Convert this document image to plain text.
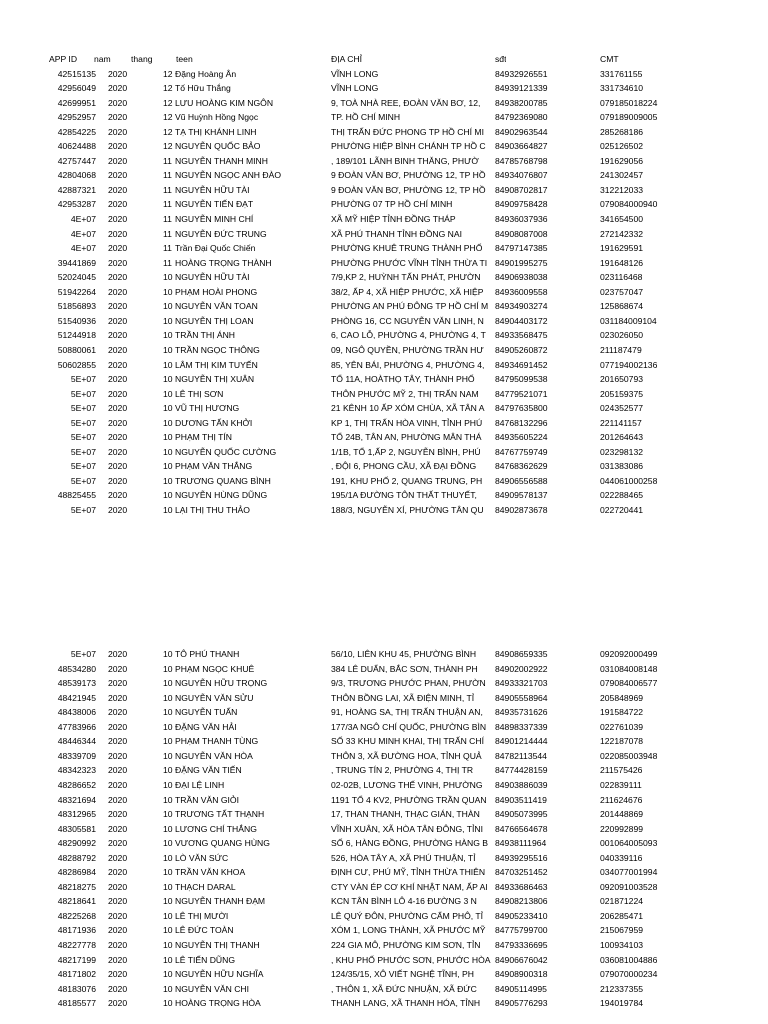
APP ID nam thang	teen	ĐỊA CHỈ	sđt	CMT
42515135 2020	12 Đặng Hoàng Ân	VĨNH LONG	84932926551	331761155
42956049 2020	12 Tố Hữu Thắng	VĨNH LONG	84939121339	331734610
42699951 2020	12 LƯU HOÀNG KIM NGÔN	9, TOÀ NHÀ REE, ĐOÀN VĂN BƠ, 12,	84938200785	079185018224
42952957 2020	12 Vũ Huỳnh Hồng Ngọc	TP. HỒ CHÍ MINH	84792369080	079189009005
42854225 2020	12 TẠ THỊ KHÁNH LINH	THỊ TRẤN ĐỨC PHONG TP HỒ CHÍ MI	84902963544	285268186
40624488 2020	12 NGUYỄN QUỐC BẢO	PHƯỜNG HIỆP BÌNH CHÁNH TP HỒ C	84903664827	025126502
42757447 2020	11 NGUYỄN THANH MINH	, 189/101 LÃNH BINH THĂNG, PHƯỜ	84785768798	191629056
42804068 2020	11 NGUYỄN NGỌC ANH ĐÀO	9 ĐOÀN VĂN BƠ, PHƯỜNG 12, TP HỒ	84934076807	241302457
42887321 2020	11 NGUYỄN HỮU TÀI	9 ĐOÀN VĂN BƠ, PHƯỜNG 12, TP HỒ	84908702817	312212033
42953287 2020	11 NGUYỄN TIẾN ĐẠT	PHƯỜNG 07 TP HỒ CHÍ MINH	84909758428	079084000940
4E+07 2020	11 NGUYỄN MINH CHÍ	XÃ MỸ HIỆP TỈNH ĐỒNG THÁP	84936037936	341654500
4E+07 2020	11 NGUYỄN ĐỨC TRUNG	XÃ PHÚ THANH TỈNH ĐỒNG NAI	84908087008	272142332
4E+07 2020	11 Trần Đại Quốc Chiến	PHƯỜNG KHUÊ TRUNG THÀNH PHỐ	84797147385	191629591
39441869 2020	11 HOÀNG TRỌNG THÀNH	PHƯỜNG PHƯỚC VĨNH TỈNH THỪA TI 84901995275	191648126
52024045 2020	10 NGUYỄN HỮU TÀI	7/9,KP 2, HUỲNH TẤN PHÁT, PHƯỜN	84906938038	023116468
51942264 2020	10 PHẠM HOÀI PHONG	38/2, ẤP 4, XÃ HIỆP PHƯỚC, XÃ HIỆP	84936009558	023757047
51856893 2020	10 NGUYỄN VĂN TOAN	PHƯỜNG AN PHÚ ĐÔNG TP HỒ CHÍ M 84934903274	125868674
51540936 2020	10 NGUYỄN THỊ LOAN	PHÒNG 16, CC NGUYỄN VĂN LINH, N	84904403172	031184009104
51244918 2020	10 TRẦN THỊ ÁNH	6, CAO LỖ, PHƯỜNG 4, PHƯỜNG 4, T	84933568475	023026050
50880061 2020	10 TRẦN NGỌC THÔNG	09, NGÔ QUYỀN, PHƯỜNG TRẦN HƯ	84905260872	211187479
50602855 2020	10 LÂM THỊ KIM TUYẾN	85, YÊN BÁI, PHƯỜNG 4, PHƯỜNG 4,	84934691452	077194002136
5E+07 2020	10 NGUYỄN THỊ XUÂN	TỔ 11A, HOÀTHỌ TÂY, THÀNH PHỐ	84795099538	201650793
5E+07 2020	10 LÊ THỊ SƠN	THÔN PHƯỚC MỸ 2, THỊ TRẤN NAM	84779521071	205159375
5E+07 2020	10 VŨ THỊ HƯƠNG	21 KÊNH 10 ẤP XÓM CHÙA, XÃ TÂN A	84797635800	024352577
5E+07 2020	10 DƯƠNG TẤN KHỞI	KP 1, THỊ TRẤN HÒA VINH, TỈNH PHÚ	84768132296	221141157
5E+07 2020	10 PHẠM THỊ TÍN	TỔ 24B, TÂN AN, PHƯỜNG MÂN THÁ	84935605224	201264643
5E+07 2020	10 NGUYỄN QUỐC CƯỜNG	1/1B, TỔ 1,ẤP 2, NGUYỄN BÌNH, PHÚ	84767759749	023298132
5E+07 2020	10 PHẠM VĂN THẮNG	, ĐỘI 6, PHONG CẦU, XÃ ĐẠI ĐỒNG	84768362629	031383086
5E+07 2020	10 TRƯƠNG QUANG BÌNH	191, KHU PHỐ 2, QUANG TRUNG, PH	84906556588	044061000258
48825455 2020	10 NGUYỄN HÙNG DŨNG	195/1A ĐƯỜNG TÔN THẤT THUYẾT,	84909578137	022288465
5E+07 2020	10 LẠI THỊ THU THẢO	188/3, NGUYỄN XÍ, PHƯỜNG TÂN QU	84902873678	022720441
5E+07 2020	10 TÔ PHÚ THANH	56/10, LIÊN KHU 45, PHƯỜNG BÌNH	84908659335	092092000499
48534280 2020	10 PHẠM NGỌC KHUÊ	384 LÊ DUẨN, BẮC SƠN, THÀNH PH	84902002922	031084008148
48539173 2020	10 NGUYỄN HỮU TRỌNG	9/3, TRƯƠNG PHƯỚC PHAN, PHƯỜN	84933321703	079084006577
48421945 2020	10 NGUYỄN VĂN SỬU	THÔN BỒNG LAI, XÃ ĐIỆN MINH, TỈ	84905558964	205848969
48438006 2020	10 NGUYỄN TUẤN	91, HOÀNG SA, THỊ TRẤN THUẬN AN,	84935731626	191584722
47783966 2020	10 ĐẶNG VĂN HẢI	177/3A NGÔ CHÍ QUỐC, PHƯỜNG BÌN	84898337339	022761039
48446344 2020	10 PHẠM THANH TÙNG	SỐ 33 KHU MINH KHAI, THỊ TRẤN CHÍ	84901214444	122187078
48339709 2020	10 NGUYỄN VĂN HÒA	THÔN 3, XÃ ĐƯỜNG HOA, TỈNH QUẢ	84782113544	022085003948
48342323 2020	10 ĐẶNG VĂN TIẾN	, TRUNG TÍN 2, PHƯỜNG 4, THỊ TR	84774428159	211575426
48286652 2020	10 ĐẠI LỆ LINH	02-02B, LƯƠNG THẾ VINH, PHƯỜNG	84903886039	022839111
48321694 2020	10 TRẦN VĂN GIỎI	1191 TỔ 4 KV2, PHƯỜNG TRẦN QUAN 84903511419	211624676
48312965 2020	10 TRƯƠNG TẤT THẠNH	17, THAN THANH, THẠC GIÁN, THÀN	84905073995	201448869
48305581 2020	10 LƯƠNG CHÍ THẮNG	VĨNH XUÂN, XÃ HÒA TÂN ĐÔNG, TỈNI	84766564678	220992899
48290992 2020	10 VƯƠNG QUANG HÙNG	SỐ 6, HÀNG ĐỒNG, PHƯỜNG HÀNG B 84938111964	001064005093
48288792 2020	10 LÒ VĂN SỨC	526, HÒA TÂY A, XÃ PHÚ THUẬN, TỈ	84939295516	040339116
48286984 2020	10 TRẦN VĂN KHOA	ĐỊNH CƯ, PHÚ MỸ, TỈNH THỪA THIÊN	84703251452	034077001994
48218275 2020	10 THẠCH DARAL	CTY VÀN ÉP CƠ KHÍ NHẬT NAM, ẤP AI 84933686463	092091003528
48218641 2020	10 NGUYỄN THANH ĐẠM	KCN TÂN BÌNH LÔ 4-16 ĐƯỜNG 3 N	84908213806	021871224
48225268 2020	10 LÊ THỊ MƯỜI	LÊ QUÝ ĐÔN, PHƯỜNG CẨM PHÔ, TỈ	84905233410	206285471
48171936 2020	10 LÊ ĐỨC TOÀN	XÓM 1, LONG THÀNH, XÃ PHƯỚC MỸ	84775799700	215067959
48227778 2020	10 NGUYỄN THỊ THANH	224 GIA MÔ, PHƯỜNG KIM SƠN, TỈN	84793336695	100934103
48217199 2020	10 LÊ TIẾN DŨNG	, KHU PHỐ PHƯỚC SƠN, PHƯỚC HÒA 84906676042	036081004886
48171802 2020	10 NGUYỄN HỮU NGHĨA	124/35/15, XÔ VIẾT NGHỆ TĨNH, PH	84908900318	079070000234
48183076 2020	10 NGUYỄN VĂN CHI	, THÔN 1, XÃ ĐỨC NHUẬN, XÃ ĐỨC	84905114995	212337355
48185577 2020	10 HOÀNG TRỌNG HÒA	THANH LANG, XÃ THANH HÓA, TỈNH	84905776293	194019784
